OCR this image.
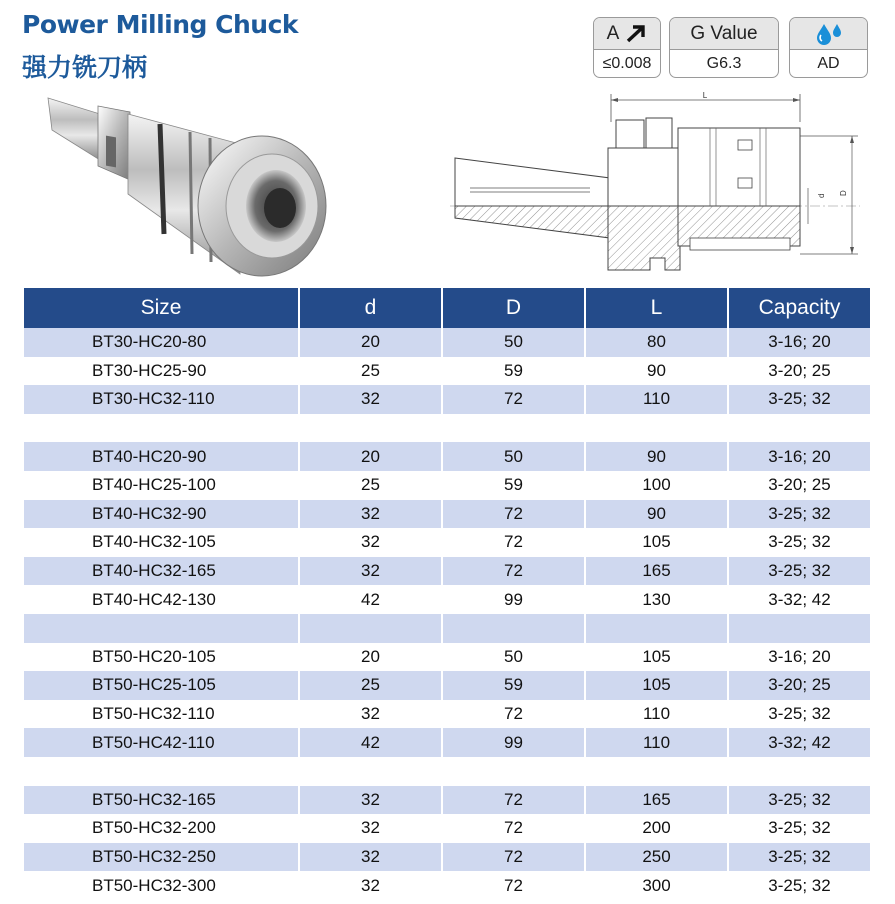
Power Milling Chuck
强力铣刀柄
A
≤0.008
G Value
G6.3	AD
L
d D
Size	d	D	L	Capacity
BT30-HC20-80	20	50	80	3-16; 20
BT30-HC25-90	25	59	90	3-20; 25
BT30-HC32-110	32	72	110	3-25; 32

BT40-HC20-90	20	50	90	3-16; 20
BT40-HC25-100	25	59	100	3-20; 25
BT40-HC32-90	32	72	90	3-25; 32
BT40-HC32-105	32	72	105	3-25; 32
BT40-HC32-165	32	72	165	3-25; 32
BT40-HC42-130	42	99	130	3-32; 42

BT50-HC20-105	20	50	105	3-16; 20
BT50-HC25-105	25	59	105	3-20; 25
BT50-HC32-110	32	72	110	3-25; 32
BT50-HC42-110	42	99	110	3-32; 42

BT50-HC32-165	32	72	165	3-25; 32
BT50-HC32-200	32	72	200	3-25; 32
BT50-HC32-250	32	72	250	3-25; 32
BT50-HC32-300	32	72	300	3-25; 32
